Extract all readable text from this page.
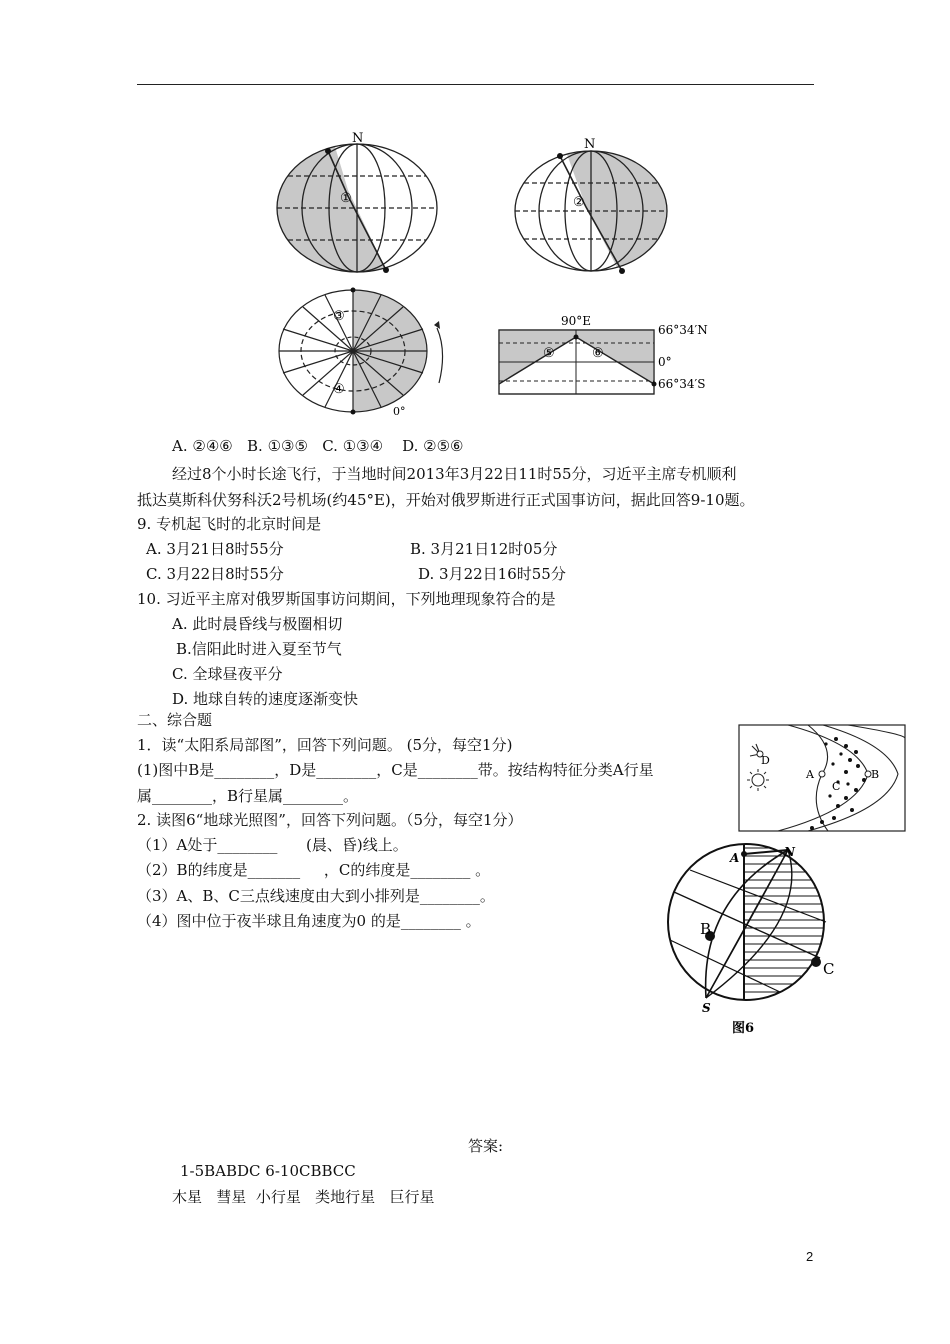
N
①
N
②
③
④
0°
90°E
66°34′N
0°
66°34′S
⑤	⑥
A. ②④⑥   B. ①③⑤   C. ①③④    D. ②⑤⑥
经过8个小时长途飞行，于当地时间2013年3月22日11时55分，习近平主席专机顺利
抵达莫斯科伏努科沃2号机场(约45°E)，开始对俄罗斯进行正式国事访问，据此回答9-10题。
9. 专机起飞时的北京时间是
A. 3月21日8时55分	B. 3月21日12时05分
C. 3月22日8时55分	D. 3月22日16时55分
10. 习近平主席对俄罗斯国事访问期间，下列地理现象符合的是
A. 此时晨昏线与极圈相切
B.信阳此时进入夏至节气
C. 全球昼夜平分
D. 地球自转的速度逐渐变快
二、综合题
1．读“太阳系局部图”，回答下列问题。 (5分，每空1分)
(1)图中B是________，D是________，C是________带。按结构特征分类A行星
属________，B行星属________。
D
A	B
C
2. 读图6“地球光照图”，回答下列问题。（5分，每空1分）
（1）A处于________      (晨、昏)线上。
（2）B的纬度是_______     ，C的纬度是________ 。
（3）A、B、C三点线速度由大到小排列是________。
（4）图中位于夜半球且角速度为0 的是________ 。
A	N
B
C
S
图6
答案:
1-5BABDC 6-10CBBCC
木星   彗星  小行星   类地行星   巨行星
2
